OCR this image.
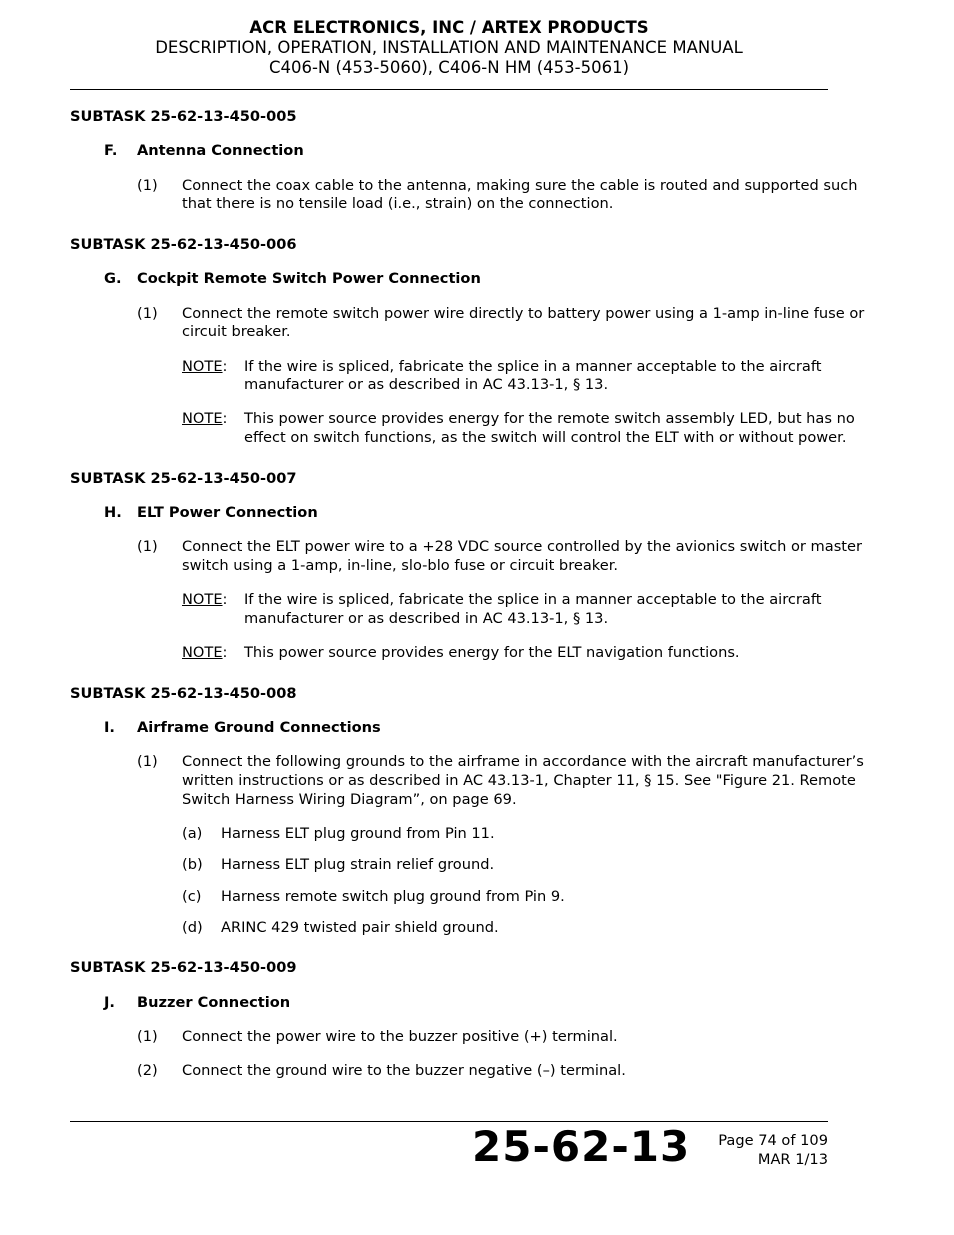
ACR ELECTRONICS, INC / ARTEX PRODUCTS
DESCRIPTION, OPERATION, INSTALLATION AND MAINTENANCE MANUAL
C406-N (453-5060), C406-N HM (453-5061)
SUBTASK 25-62-13-450-005
F. Antenna Connection
(1) Connect the coax cable to the antenna, making sure the cable is routed and supported such
that there is no tensile load (i.e., strain) on the connection.
SUBTASK 25-62-13-450-006
G. Cockpit Remote Switch Power Connection
(1) Connect the remote switch power wire directly to battery power using a 1-amp in-line fuse or
circuit breaker.
NOTE: If the wire is spliced, fabricate the splice in a manner acceptable to the aircraft
manufacturer or as described in AC 43.13-1, § 13.
NOTE: This power source provides energy for the remote switch assembly LED, but has no
effect on switch functions, as the switch will control the ELT with or without power.
SUBTASK 25-62-13-450-007
H. ELT Power Connection
(1) Connect the ELT power wire to a +28 VDC source controlled by the avionics switch or master
switch using a 1-amp, in-line, slo-blo fuse or circuit breaker.
NOTE: If the wire is spliced, fabricate the splice in a manner acceptable to the aircraft
manufacturer or as described in AC 43.13-1, § 13.
NOTE: This power source provides energy for the ELT navigation functions.
SUBTASK 25-62-13-450-008
I. Airframe Ground Connections
(1) Connect the following grounds to the airframe in accordance with the aircraft manufacturer’s
written instructions or as described in AC 43.13-1, Chapter 11, § 15. See "Figure 21. Remote
Switch Harness Wiring Diagram”, on page 69.
(a) Harness ELT plug ground from Pin 11.
(b) Harness ELT plug strain relief ground.
(c) Harness remote switch plug ground from Pin 9.
(d) ARINC 429 twisted pair shield ground.
SUBTASK 25-62-13-450-009
J. Buzzer Connection
(1) Connect the power wire to the buzzer positive (+) terminal.
(2) Connect the ground wire to the buzzer negative (–) terminal.
25-62-13 Page 74 of 109
MAR 1/13
